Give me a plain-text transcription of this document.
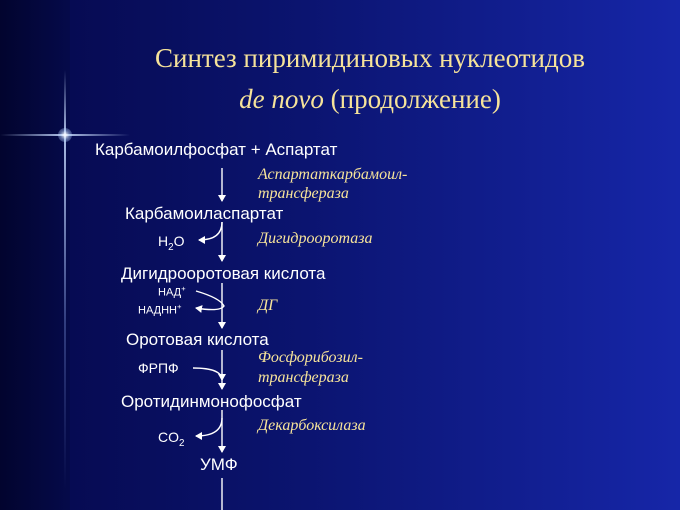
Синтез пиримидиновых нуклеотидов
de novo (продолжение)
Карбамоилфосфат + Аспартат
Аспартаткарбамоил-
трансфераза
Карбамоиласпартат
$H_2O$	Дигидрооротаза
Дигидрооротовая кислота
НАД+
НАДНН+	ДГ
Оротовая кислота
ФРПФ
Фосфорибозил-
трансфераза
Оротидинмонофосфат
$CO_2$
Декарбоксилаза
УМФ
